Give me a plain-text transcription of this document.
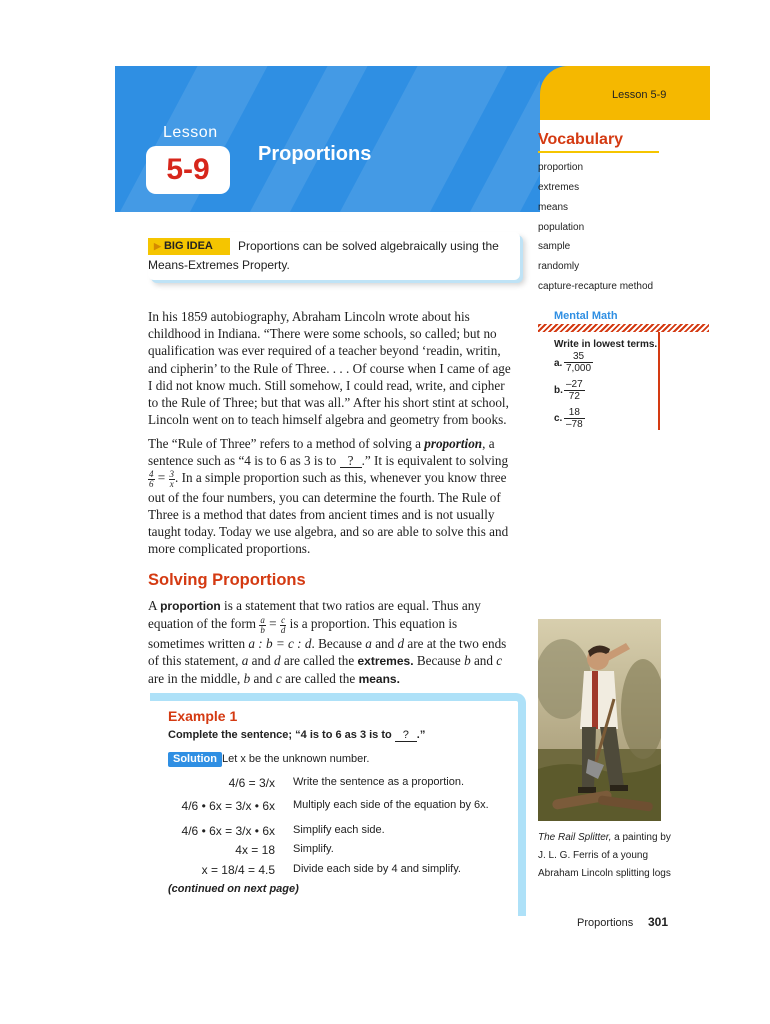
Lesson 5-9
Lesson
5-9 Proportions
▶ BIG IDEA	Proportions can be solved algebraically using the Means-Extremes Property.
In his 1859 autobiography, Abraham Lincoln wrote about his childhood in Indiana. “There were some schools, so called; but no qualification was ever required of a teacher beyond ‘readin, writin, and cipherin’ to the Rule of Three. . . . Of course when I came of age I did not know much. Still somehow, I could read, write, and cipher to the Rule of Three; but that was all.” After his short stint at school, Lincoln went on to teach himself algebra and geometry from books.
The “Rule of Three” refers to a method of solving a proportion, a sentence such as “4 is to 6 as 3 is to ? .” It is equivalent to solving
$\frac{4}{6} = \frac{3}{x}$ . In a simple proportion such as this, whenever you know three out of the four numbers, you can determine the fourth. The Rule of Three is a method that dates from ancient times and is not usually taught today. Today we use algebra, and so are able to solve this and more complicated proportions.
Solving Proportions
A proportion is a statement that two ratios are equal. Thus any equation of the form $\frac{a}{b} = \frac{c}{d}$ is a proportion. This equation is sometimes written a : b = c : d. Because a and d are at the two ends of this statement, a and d are called the extremes. Because b and c are in the middle, b and c are called the means.
Example 1
Complete the sentence; “4 is to 6 as 3 is to ? .”
Solution Let x be the unknown number.
4/6 = 3/x Write the sentence as a proportion.
4/6 • 6x = 3/x • 6x Multiply each side of the equation by 6x.
4/6 • 6x = 3/x • 6x Simplify each side.
4x = 18 Simplify.
x = 18/4 = 4.5 Divide each side by 4 and simplify.
(continued on next page)
Vocabulary
proportion
extremes
means
population
sample
randomly
capture-recapture method
Mental Math
Write in lowest terms.
a. $\frac{35}{7,000}$
b. $\frac{-27}{72}$
c. $\frac{18}{-78}$
The Rail Splitter, a painting by J. L. G. Ferris of a young Abraham Lincoln splitting logs
Proportions 301
